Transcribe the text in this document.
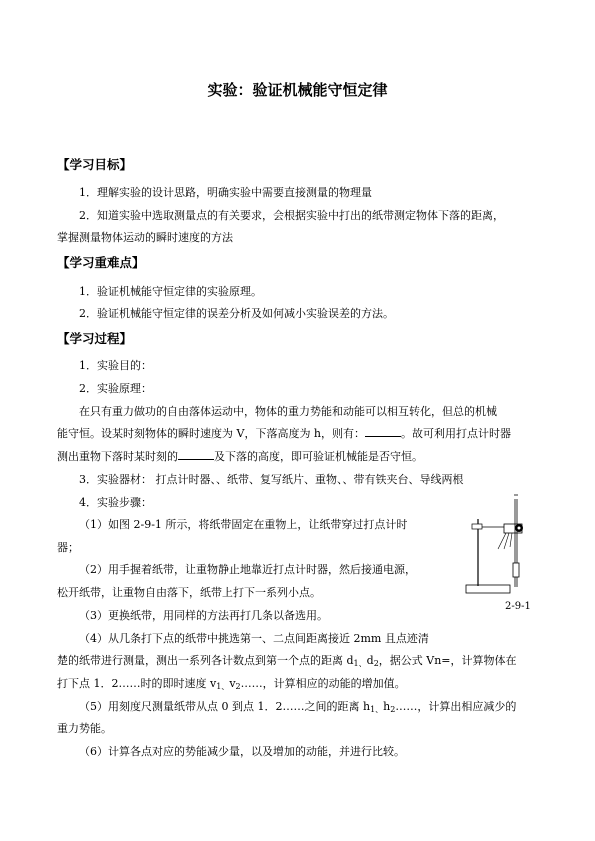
实验：验证机械能守恒定律
【学习目标】
1．理解实验的设计思路，明确实验中需要直接测量的物理量
2．知道实验中选取测量点的有关要求，会根据实验中打出的纸带测定物体下落的距离，
掌握测量物体运动的瞬时速度的方法
【学习重难点】
1．验证机械能守恒定律的实验原理。
2．验证机械能守恒定律的误差分析及如何减小实验误差的方法。
【学习过程】
1．实验目的：
2．实验原理：
在只有重力做功的自由落体运动中，物体的重力势能和动能可以相互转化，但总的机械
能守恒。设某时刻物体的瞬时速度为 V，下落高度为 h，则有：	。故可利用打点计时器
测出重物下落时某时刻的	及下落的高度，即可验证机械能是否守恒。
3．实验器材： 打点计时器、、纸带、复写纸片、重物、、带有铁夹台、导线两根
4．实验步骤：
（1）如图 2-9-1 所示，将纸带固定在重物上，让纸带穿过打点计时
器；
（2）用手握着纸带，让重物静止地靠近打点计时器，然后接通电源，
松开纸带，让重物自由落下，纸带上打下一系列小点。
（3）更换纸带，用同样的方法再打几条以备选用。
（4）从几条打下点的纸带中挑选第一、二点间距离接近 2mm 且点迹清
楚的纸带进行测量，测出一系列各计数点到第一个点的距离 $d_{1、}d_2$，据公式 Vn=，计算物体在
打下点 1．2……时的即时速度 $v_{1、}v_2\dots\dots$，计算相应的动能的增加值。
（5）用刻度尺测量纸带从点 0 到点 1．2……之间的距离 $h_{1、}h_2\dots\dots$，计算出相应减少的
重力势能。
（6）计算各点对应的势能减少量，以及增加的动能，并进行比较。
2-9-1
